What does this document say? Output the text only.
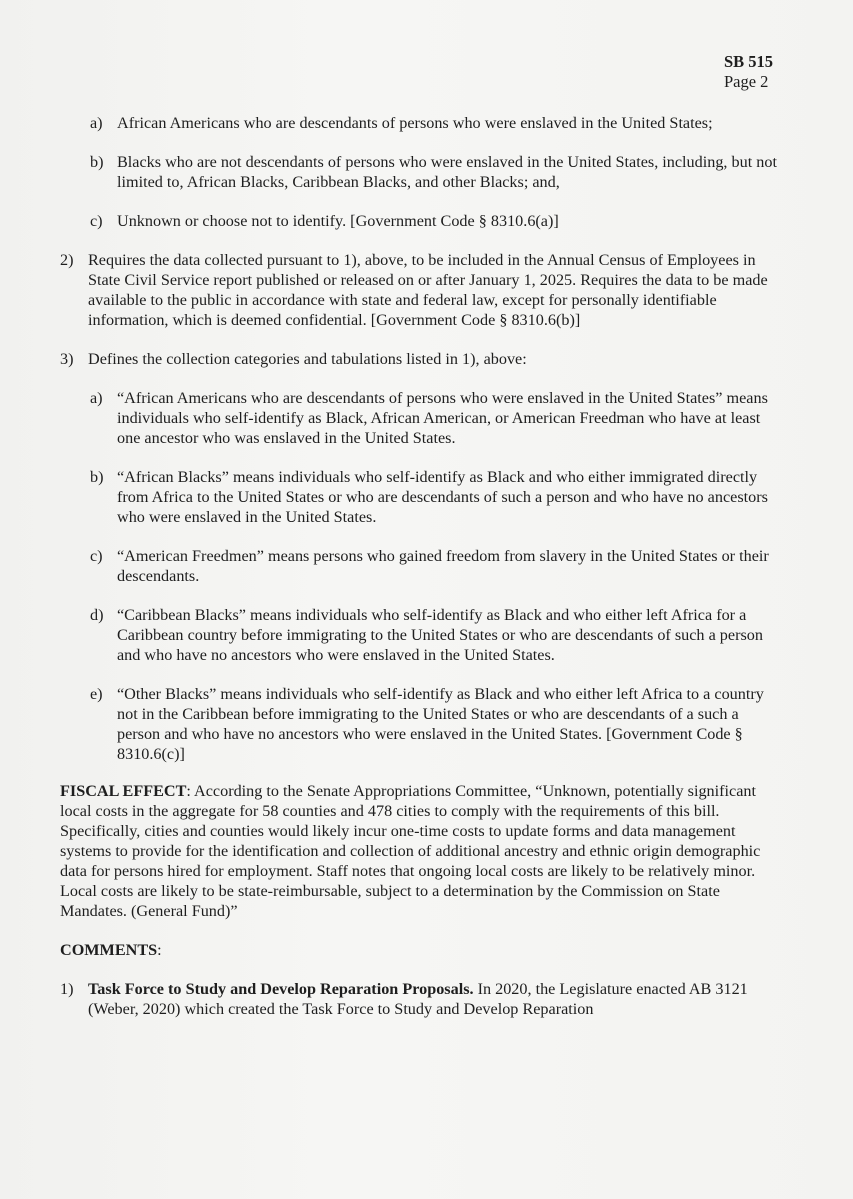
SB 515
Page 2
a) African Americans who are descendants of persons who were enslaved in the United States;
b) Blacks who are not descendants of persons who were enslaved in the United States, including, but not limited to, African Blacks, Caribbean Blacks, and other Blacks; and,
c) Unknown or choose not to identify. [Government Code § 8310.6(a)]
2) Requires the data collected pursuant to 1), above, to be included in the Annual Census of Employees in State Civil Service report published or released on or after January 1, 2025. Requires the data to be made available to the public in accordance with state and federal law, except for personally identifiable information, which is deemed confidential. [Government Code § 8310.6(b)]
3) Defines the collection categories and tabulations listed in 1), above:
a) “African Americans who are descendants of persons who were enslaved in the United States” means individuals who self-identify as Black, African American, or American Freedman who have at least one ancestor who was enslaved in the United States.
b) “African Blacks” means individuals who self-identify as Black and who either immigrated directly from Africa to the United States or who are descendants of such a person and who have no ancestors who were enslaved in the United States.
c) “American Freedmen” means persons who gained freedom from slavery in the United States or their descendants.
d) “Caribbean Blacks” means individuals who self-identify as Black and who either left Africa for a Caribbean country before immigrating to the United States or who are descendants of such a person and who have no ancestors who were enslaved in the United States.
e) “Other Blacks” means individuals who self-identify as Black and who either left Africa to a country not in the Caribbean before immigrating to the United States or who are descendants of a such a person and who have no ancestors who were enslaved in the United States. [Government Code § 8310.6(c)]
FISCAL EFFECT: According to the Senate Appropriations Committee, “Unknown, potentially significant local costs in the aggregate for 58 counties and 478 cities to comply with the requirements of this bill. Specifically, cities and counties would likely incur one-time costs to update forms and data management systems to provide for the identification and collection of additional ancestry and ethnic origin demographic data for persons hired for employment. Staff notes that ongoing local costs are likely to be relatively minor. Local costs are likely to be state-reimbursable, subject to a determination by the Commission on State Mandates. (General Fund)”
COMMENTS:
1) Task Force to Study and Develop Reparation Proposals. In 2020, the Legislature enacted AB 3121 (Weber, 2020) which created the Task Force to Study and Develop Reparation
